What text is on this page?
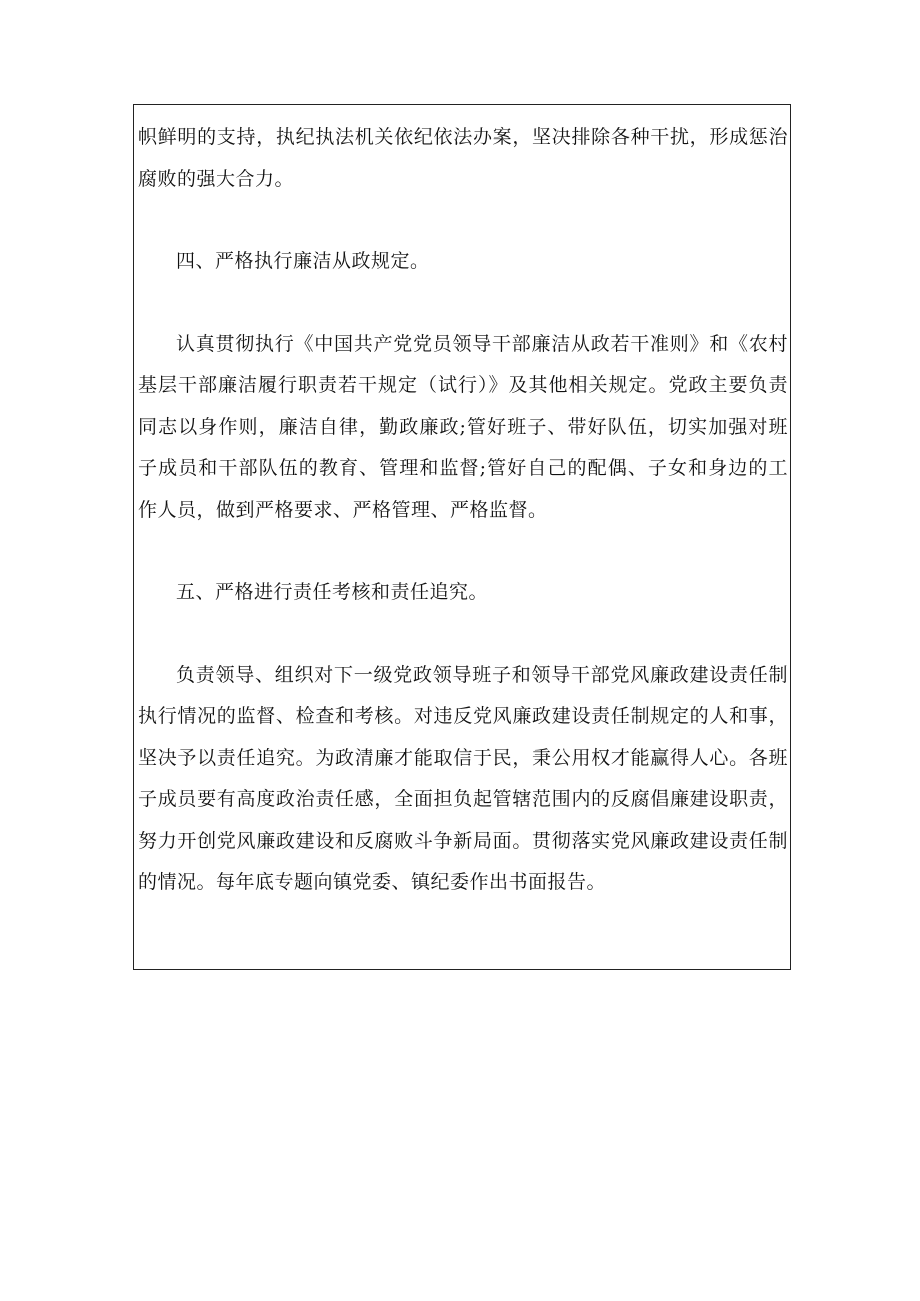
帜鲜明的支持，执纪执法机关依纪依法办案，坚决排除各种干扰，形成惩治腐败的强大合力。

四、严格执行廉洁从政规定。

认真贯彻执行《中国共产党党员领导干部廉洁从政若干准则》和《农村基层干部廉洁履行职责若干规定（试行）》及其他相关规定。党政主要负责同志以身作则，廉洁自律，勤政廉政;管好班子、带好队伍，切实加强对班子成员和干部队伍的教育、管理和监督;管好自己的配偶、子女和身边的工作人员，做到严格要求、严格管理、严格监督。

五、严格进行责任考核和责任追究。

负责领导、组织对下一级党政领导班子和领导干部党风廉政建设责任制执行情况的监督、检查和考核。对违反党风廉政建设责任制规定的人和事，坚决予以责任追究。为政清廉才能取信于民，秉公用权才能赢得人心。各班子成员要有高度政治责任感，全面担负起管辖范围内的反腐倡廉建设职责，努力开创党风廉政建设和反腐败斗争新局面。贯彻落实党风廉政建设责任制的情况。每年底专题向镇党委、镇纪委作出书面报告。
